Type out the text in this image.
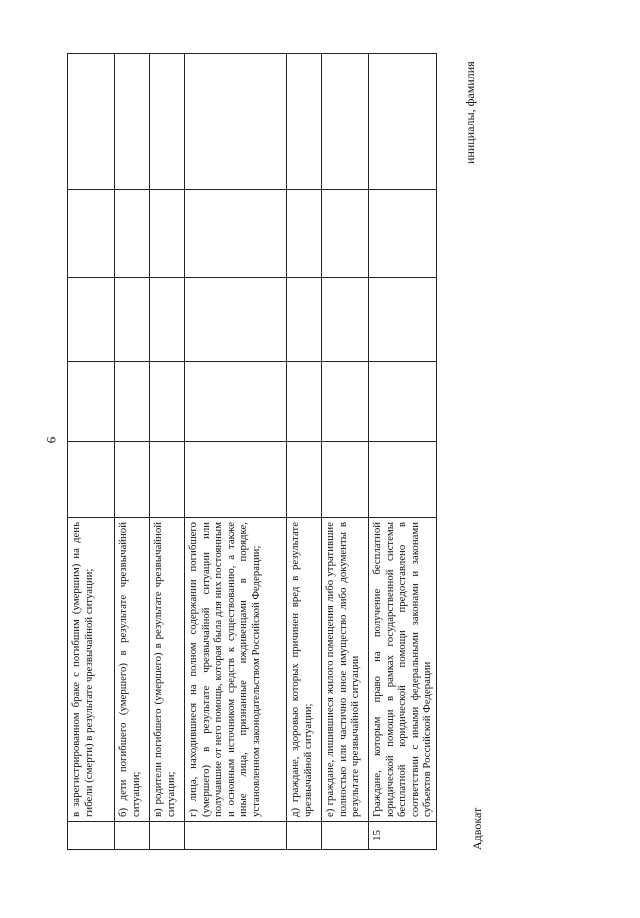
6
	в зарегистрированном браке с погибшим (умершим) на день гибели (смерти) в результате чрезвычайной ситуации;					
	б) дети погибшего (умершего) в результате чрезвычайной ситуации;					
	в) родители погибшего (умершего) в результате чрезвычайной ситуации;					
	г) лица, находившиеся на полном содержании погибшего (умершего) в результате чрезвычайной ситуации или получавшие от него помощь, которая была для них постоянным и основным источником средств к существованию, а также иные лица, признанные иждивенцами в порядке, установленном законодательством Российской Федерации;					
	д) граждане, здоровью которых причинен вред в результате чрезвычайной ситуации;					
	е) граждане, лишившиеся жилого помещения либо утратившие полностью или частично иное имущество либо документы в результате чрезвычайной ситуации					
15	Граждане, которым право на получение бесплатной юридической помощи в рамках государственной системы бесплатной юридической помощи предоставлено в соответствии с иными федеральными законами и законами субъектов Российской Федерации					
Адвокат
инициалы, фамилия
